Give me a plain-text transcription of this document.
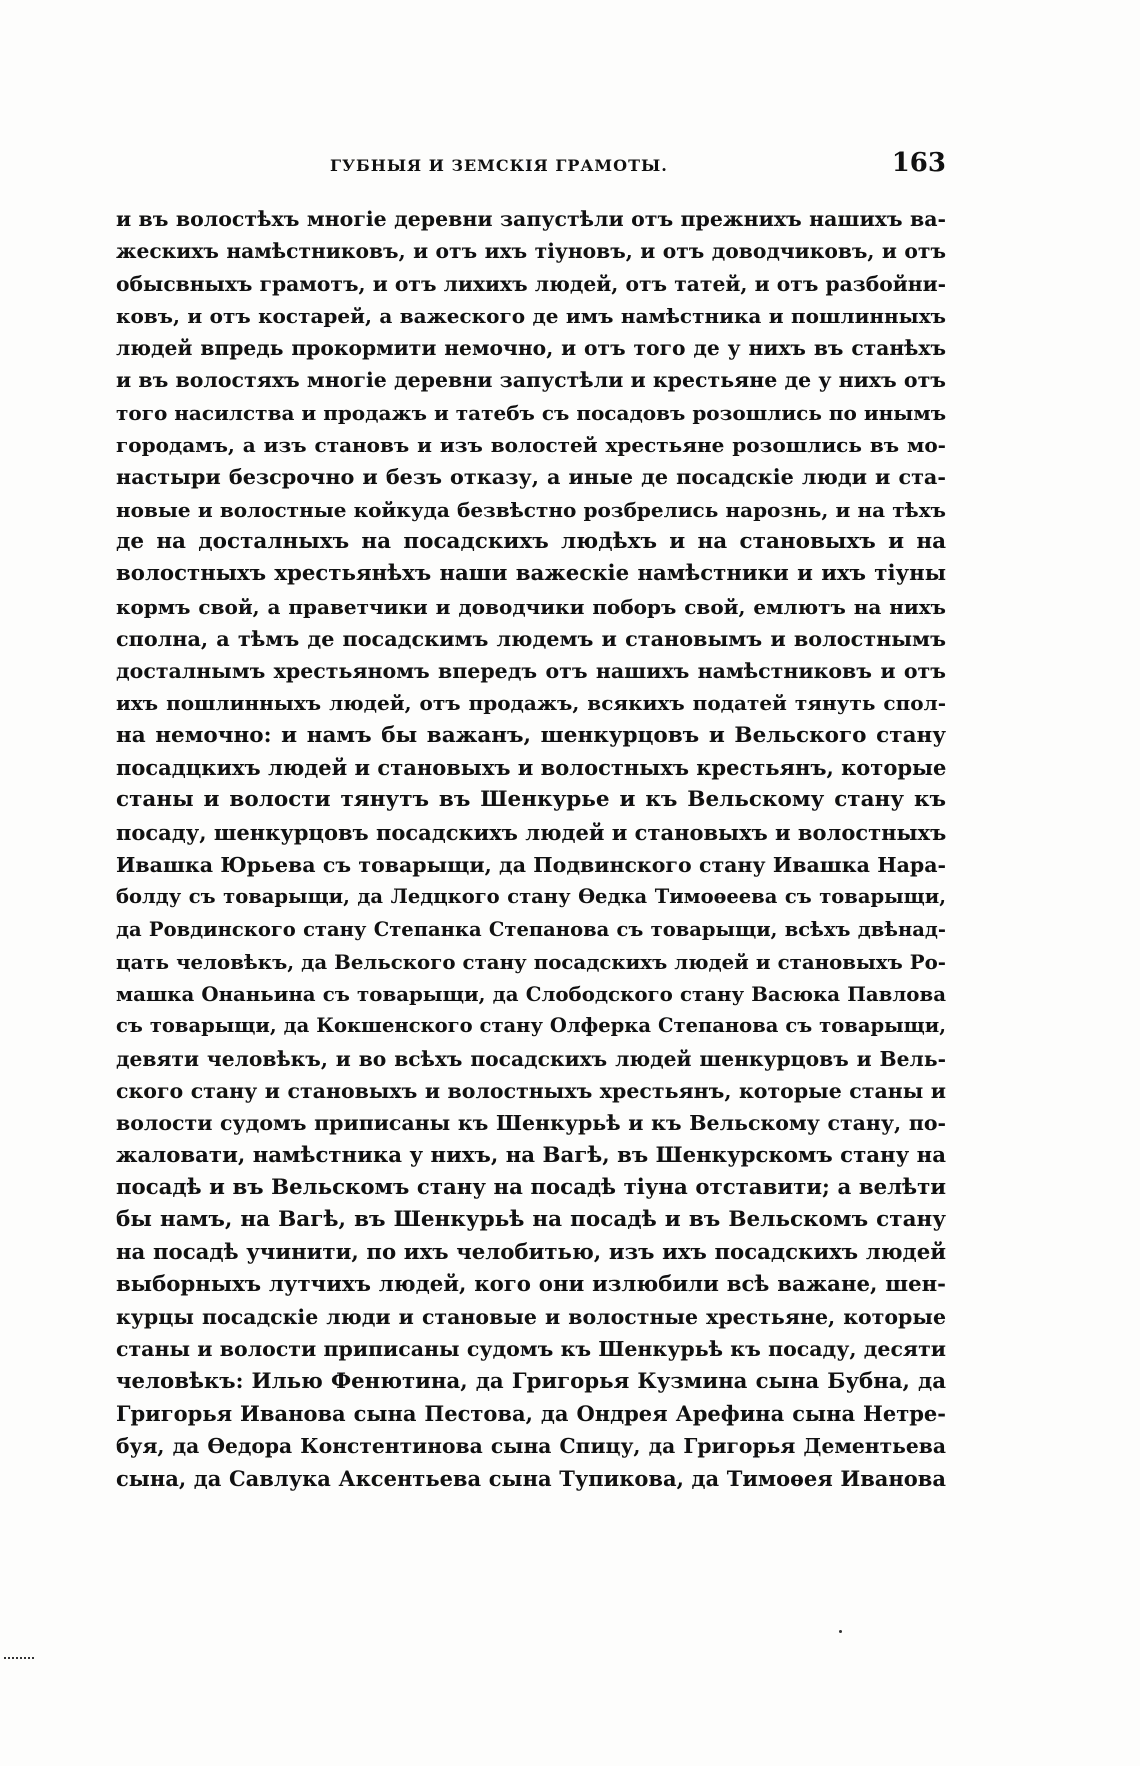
ГУБНЫЯ И ЗЕМСКІЯ ГРАМОТЫ.	163
и въ волостѣхъ многіе деревни запустѣли отъ прежнихъ нашихъ ва-
жескихъ намѣстниковъ, и отъ ихъ тіуновъ, и отъ доводчиковъ, и отъ
обысвныхъ грамотъ, и отъ лихихъ людей, отъ татей, и отъ разбойни-
ковъ, и отъ костарей, а важеского де имъ намѣстника и пошлинныхъ
людей впредь прокормити немочно, и отъ того де у нихъ въ станѣхъ
и въ волостяхъ многіе деревни запустѣли и крестьяне де у нихъ отъ
того насилства и продажъ и татебъ съ посадовъ розошлись по инымъ
городамъ, а изъ становъ и изъ волостей хрестьяне розошлись въ мо-
настыри безсрочно и безъ отказу, а иные де посадскіе люди и ста-
новые и волостные койкуда безвѣстно розбрелись нарознь, и на тѣхъ
де на досталныхъ на посадскихъ людѣхъ и на становыхъ и на
волостныхъ хрестьянѣхъ наши важескіе намѣстники и ихъ тіуны
кормъ свой, а праветчики и доводчики поборъ свой, емлютъ на нихъ
сполна, а тѣмъ де посадскимъ людемъ и становымъ и волостнымъ
досталнымъ хрестьяномъ впередъ отъ нашихъ намѣстниковъ и отъ
ихъ пошлинныхъ людей, отъ продажъ, всякихъ податей тянуть спол-
на немочно: и намъ бы важанъ, шенкурцовъ и Вельского стану
посадцкихъ людей и становыхъ и волостныхъ крестьянъ, которые
станы и волости тянутъ въ Шенкурье и къ Вельскому стану къ
посаду, шенкурцовъ посадскихъ людей и становыхъ и волостныхъ
Ивашка Юрьева съ товарыщи, да Подвинского стану Ивашка Нара-
болду съ товарыщи, да Ледцкого стану Ѳедка Тимоѳеева съ товарыщи,
да Ровдинского стану Степанка Степанова съ товарыщи, всѣхъ двѣнад-
цать человѣкъ, да Вельского стану посадскихъ людей и становыхъ Ро-
машка Онаньина съ товарыщи, да Слободского стану Васюка Павлова
съ товарыщи, да Кокшенского стану Олферка Степанова съ товарыщи,
девяти человѣкъ, и во всѣхъ посадскихъ людей шенкурцовъ и Вель-
ского стану и становыхъ и волостныхъ хрестьянъ, которые станы и
волости судомъ приписаны къ Шенкурьѣ и къ Вельскому стану, по-
жаловати, намѣстника у нихъ, на Вагѣ, въ Шенкурскомъ стану на
посадѣ и въ Вельскомъ стану на посадѣ тіуна отставити; а велѣти
бы намъ, на Вагѣ, въ Шенкурьѣ на посадѣ и въ Вельскомъ стану
на посадѣ учинити, по ихъ челобитью, изъ ихъ посадскихъ людей
выборныхъ лутчихъ людей, кого они излюбили всѣ важане, шен-
курцы посадскіе люди и становые и волостные хрестьяне, которые
станы и волости приписаны судомъ къ Шенкурьѣ къ посаду, десяти
человѣкъ: Илью Фенютина, да Григорья Кузмина сына Бубна, да
Григорья Иванова сына Пестова, да Ондрея Арефина сына Нетре-
буя, да Ѳедора Констентинова сына Спицу, да Григорья Дементьева
сына, да Савлука Аксентьева сына Тупикова, да Тимоѳея Иванова
